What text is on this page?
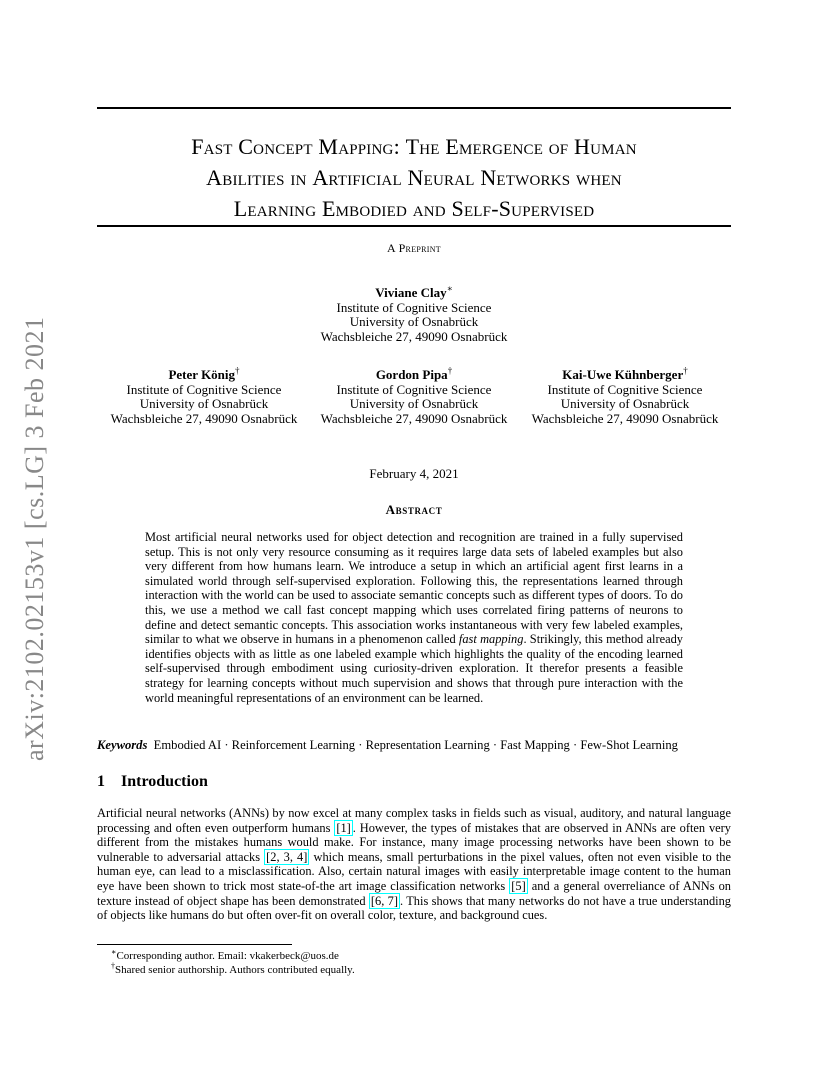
arXiv:2102.02153v1 [cs.LG] 3 Feb 2021
Fast Concept Mapping: The Emergence of Human
Abilities in Artificial Neural Networks when
Learning Embodied and Self-Supervised
A Preprint
Viviane Clay∗
Institute of Cognitive Science
University of Osnabrück
Wachsbleiche 27, 49090 Osnabrück
Peter König†
Institute of Cognitive Science
University of Osnabrück
Wachsbleiche 27, 49090 Osnabrück
Gordon Pipa†
Institute of Cognitive Science
University of Osnabrück
Wachsbleiche 27, 49090 Osnabrück
Kai-Uwe Kühnberger†
Institute of Cognitive Science
University of Osnabrück
Wachsbleiche 27, 49090 Osnabrück
February 4, 2021
Abstract
Most artificial neural networks used for object detection and recognition are trained in a fully supervised setup. This is not only very resource consuming as it requires large data sets of labeled examples but also very different from how humans learn. We introduce a setup in which an artificial agent first learns in a simulated world through self-supervised exploration. Following this, the representations learned through interaction with the world can be used to associate semantic concepts such as different types of doors. To do this, we use a method we call fast concept mapping which uses correlated firing patterns of neurons to define and detect semantic concepts. This association works instantaneous with very few labeled examples, similar to what we observe in humans in a phenomenon called fast mapping. Strikingly, this method already identifies objects with as little as one labeled example which highlights the quality of the encoding learned self-supervised through embodiment using curiosity-driven exploration. It therefor presents a feasible strategy for learning concepts without much supervision and shows that through pure interaction with the world meaningful representations of an environment can be learned.
Keywords Embodied AI · Reinforcement Learning · Representation Learning · Fast Mapping · Few-Shot Learning
1 Introduction
Artificial neural networks (ANNs) by now excel at many complex tasks in fields such as visual, auditory, and natural language processing and often even outperform humans [1] . However, the types of mistakes that are observed in ANNs are often very different from the mistakes humans would make. For instance, many image processing networks have been shown to be vulnerable to adversarial attacks [2, 3, 4] which means, small perturbations in the pixel values, often not even visible to the human eye, can lead to a misclassification. Also, certain natural images with easily interpretable image content to the human eye have been shown to trick most state-of-the art image classification networks [5] and a general overreliance of ANNs on texture instead of object shape has been demonstrated [6, 7] . This shows that many networks do not have a true understanding of objects like humans do but often over-fit on overall color, texture, and background cues.
∗Corresponding author. Email: vkakerbeck@uos.de
†Shared senior authorship. Authors contributed equally.
